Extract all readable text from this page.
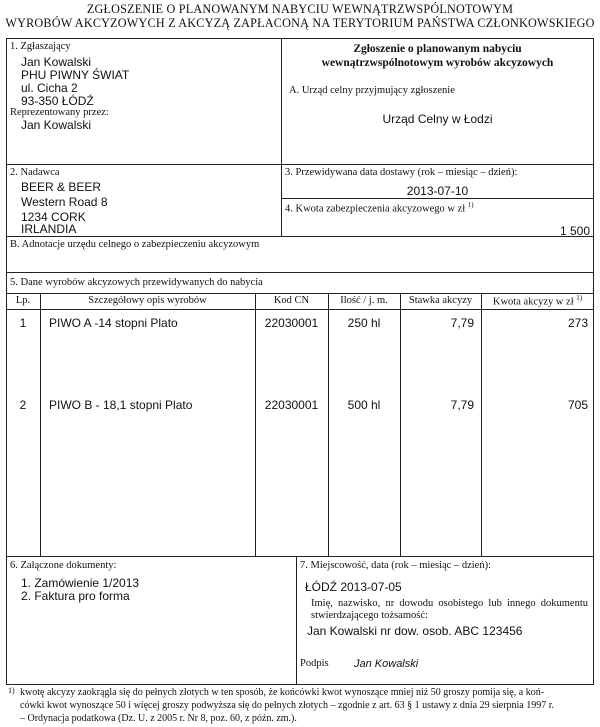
ZGŁOSZENIE O PLANOWANYM NABYCIU WEWNĄTRZWSPÓLNOTOWYM
WYROBÓW AKCYZOWYCH Z AKCYZĄ ZAPŁACONĄ NA TERYTORIUM PAŃSTWA CZŁONKOWSKIEGO
1. Zgłaszający
Jan Kowalski
PHU PIWNY ŚWIAT
ul. Cicha 2
93-350 ŁÓDŹ
Reprezentowany przez:
Jan Kowalski
Zgłoszenie o planowanym nabyciu
wewnątrzwspólnotowym wyrobów akcyzowych
A. Urząd celny przyjmujący zgłoszenie
Urząd Celny w Łodzi
2. Nadawca
BEER & BEER
Western Road 8
1234 CORK
IRLANDIA
3. Przewidywana data dostawy (rok – miesiąc – dzień):
2013-07-10
4. Kwota zabezpieczenia akcyzowego w zł $^{1)}$
1 500
B. Adnotacje urzędu celnego o zabezpieczeniu akcyzowym
5. Dane wyrobów akcyzowych przewidywanych do nabycia
Lp.	Szczegółowy opis wyrobów	Kod CN	Ilość / j. m.	Stawka akcyzy	Kwota akcyzy w zł $^{1)}$
1	PIWO A -14 stopni Plato	22030001	250 hl	7,79	273
2	PIWO B - 18,1 stopni Plato	22030001	500 hl	7,79	705
6. Załączone dokumenty:
1. Zamówienie 1/2013
2. Faktura pro forma
7. Miejscowość, data (rok – miesiąc – dzień):
ŁÓDŹ 2013-07-05
Imię, nazwisko, nr dowodu osobistego lub innego dokumentu stwierdzającego tożsamość:
Jan Kowalski nr dow. osob. ABC 123456
Podpis Jan Kowalski
1) kwotę akcyzy zaokrągla się do pełnych złotych w ten sposób, że końcówki kwot wynoszące mniej niż 50 groszy pomija się, a koń-
cówki kwot wynoszące 50 i więcej groszy podwyższa się do pełnych złotych – zgodnie z art. 63 § 1 ustawy z dnia 29 sierpnia 1997 r.
– Ordynacja podatkowa (Dz. U. z 2005 r. Nr 8, poz. 60, z późn. zm.).
